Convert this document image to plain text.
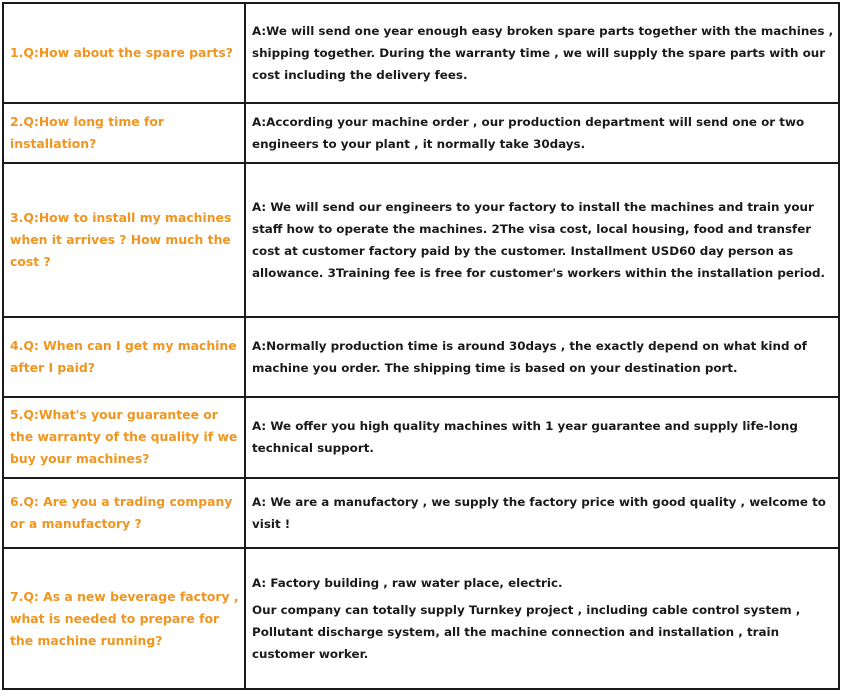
1.Q:How about the spare parts?	A:We will send one year enough easy broken spare parts together with the machines , shipping together. During the warranty time , we will supply the spare parts with our cost including the delivery fees.

2.Q:How long time for installation?	A:According your machine order , our production department will send one or two engineers to your plant , it normally take 30days.

3.Q:How to install my machines when it arrives ? How much the cost ?	A: We will send our engineers to your factory to install the machines and train your staff how to operate the machines. 2The visa cost, local housing, food and transfer cost at customer factory paid by the customer. Installment USD60 day person as allowance. 3Training fee is free for customer's workers within the installation period.

4.Q: When can I get my machine after I paid?	A:Normally production time is around 30days , the exactly depend on what kind of machine you order. The shipping time is based on your destination port.

5.Q:What's your guarantee or the warranty of the quality if we buy your machines?	A: We offer you high quality machines with 1 year guarantee and supply life-long technical support.

6.Q: Are you a trading company or a manufactory ?	A: We are a manufactory , we supply the factory price with good quality , welcome to visit !

7.Q: As a new beverage factory , what is needed to prepare for the machine running?	A: Factory building , raw water place, electric.

Our company can totally supply Turnkey project , including cable control system , Pollutant discharge system, all the machine connection and installation , train customer worker.
